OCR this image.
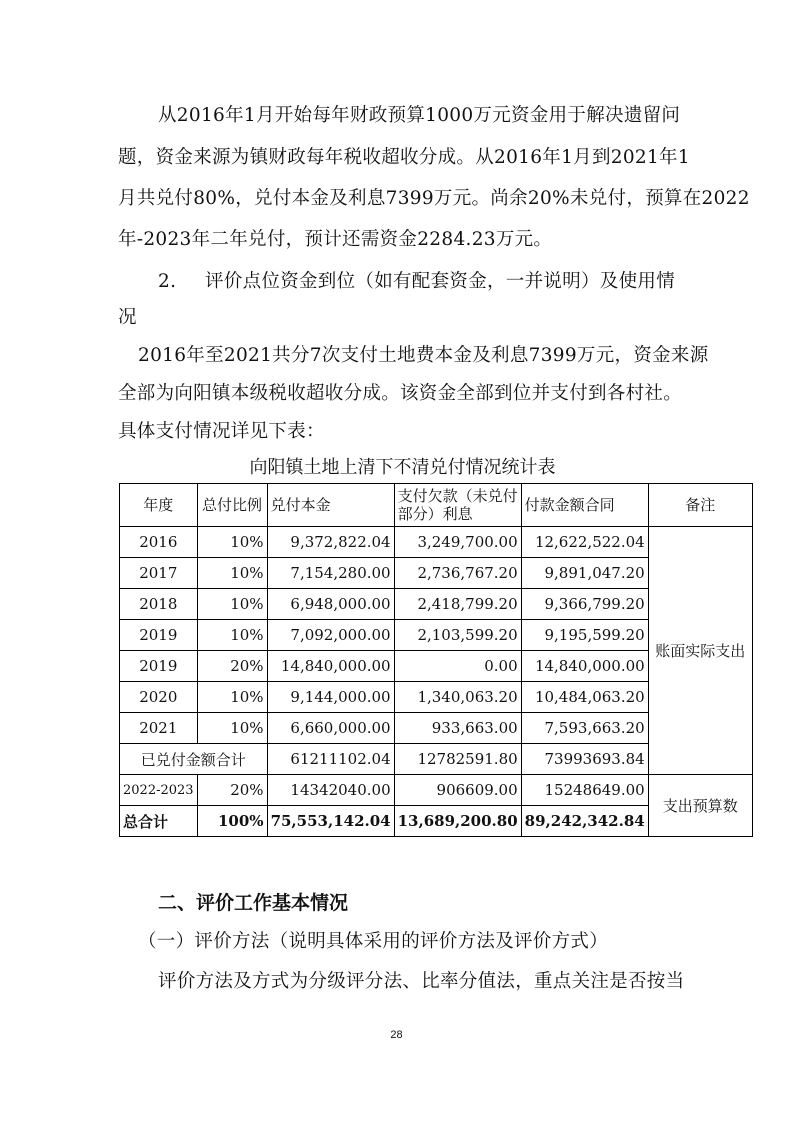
从2016年1月开始每年财政预算1000万元资金用于解决遗留问
题，资金来源为镇财政每年税收超收分成。从2016年1月到2021年1
月共兑付80%，兑付本金及利息7399万元。尚余20%未兑付，预算在2022
年-2023年二年兑付，预计还需资金2284.23万元。
2. 评价点位资金到位（如有配套资金，一并说明）及使用情
况
2016年至2021共分7次支付土地费本金及利息7399万元，资金来源
全部为向阳镇本级税收超收分成。该资金全部到位并支付到各村社。
具体支付情况详见下表：
向阳镇土地上清下不清兑付情况统计表
年度	总付比例	兑付本金	支付欠款（未兑付部分）利息	付款金额合同	备注
2016	10%	9,372,822.04	3,249,700.00	12,622,522.04	账面实际支出
2017	10%	7,154,280.00	2,736,767.20	9,891,047.20	
2018	10%	6,948,000.00	2,418,799.20	9,366,799.20	
2019	10%	7,092,000.00	2,103,599.20	9,195,599.20	
2019	20%	14,840,000.00	0.00	14,840,000.00	
2020	10%	9,144,000.00	1,340,063.20	10,484,063.20	
2021	10%	6,660,000.00	933,663.00	7,593,663.20	
已兑付金额合计		61211102.04	12782591.80	73993693.84	
2022-2023	20%	14342040.00	906609.00	15248649.00	支出预算数
总合计	100%	75,553,142.04	13,689,200.80	89,242,342.84	
二、评价工作基本情况
（一）评价方法（说明具体采用的评价方法及评价方式）
评价方法及方式为分级评分法、比率分值法，重点关注是否按当
28
